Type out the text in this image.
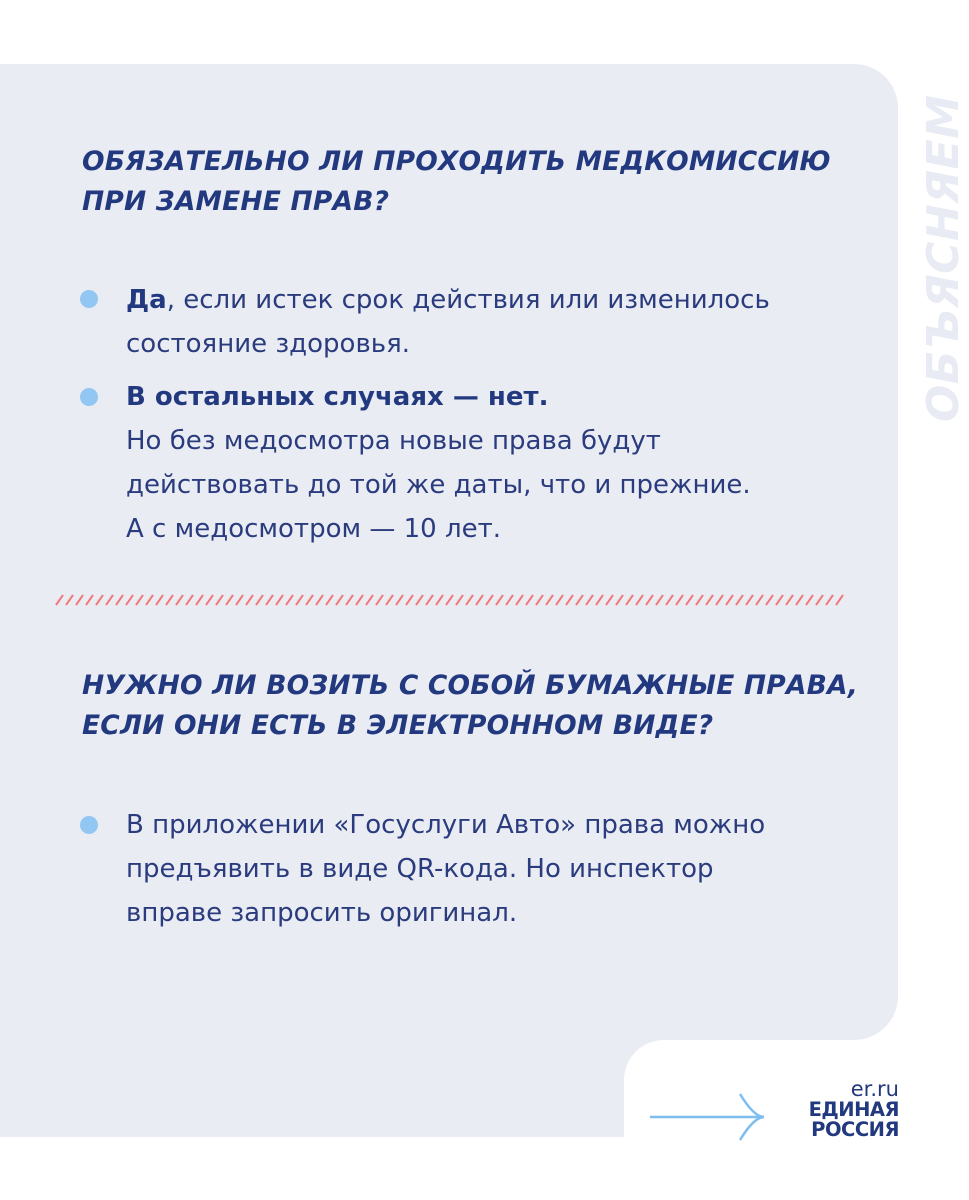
ОБЪЯСНЯЕМ
ОБЯЗАТЕЛЬНО ЛИ ПРОХОДИТЬ МЕДКОМИССИЮ
ПРИ ЗАМЕНЕ ПРАВ?
Да, если истек срок действия или изменилось
состояние здоровья.
В остальных случаях — нет.
Но без медосмотра новые права будут
действовать до той же даты, что и прежние.
А с медосмотром — 10 лет.
НУЖНО ЛИ ВОЗИТЬ С СОБОЙ БУМАЖНЫЕ ПРАВА,
ЕСЛИ ОНИ ЕСТЬ В ЭЛЕКТРОННОМ ВИДЕ?
В приложении «Госуслуги Авто» права можно
предъявить в виде QR-кода. Но инспектор
вправе запросить оригинал.
er.ru
ЕДИНАЯ
РОССИЯ
